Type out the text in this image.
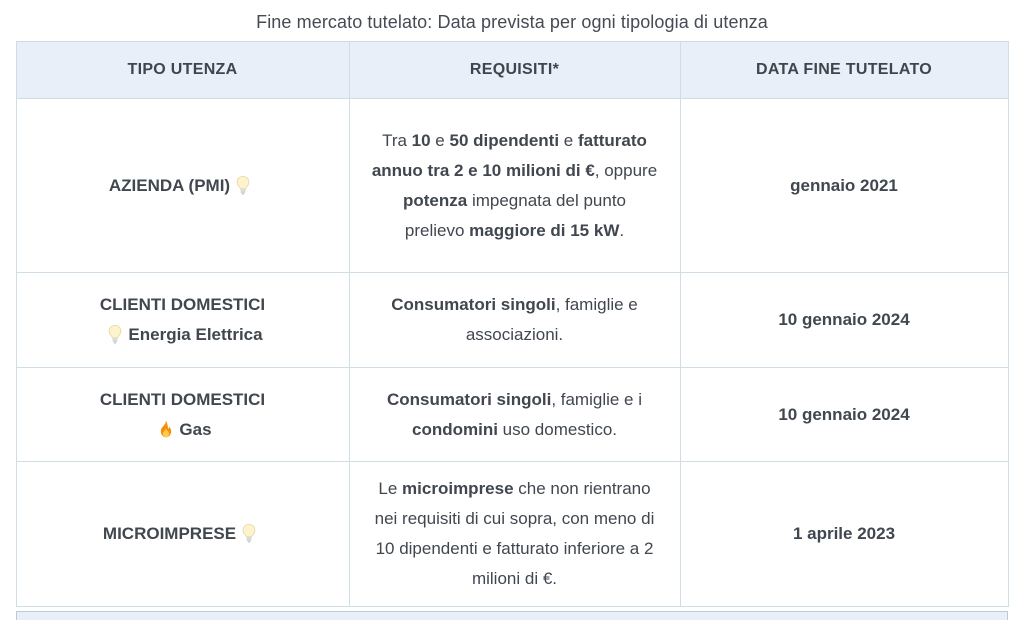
Fine mercato tutelato: Data prevista per ogni tipologia di utenza
TIPO UTENZA	REQUISITI*	DATA FINE TUTELATO

AZIENDA (PMI)	Tra 10 e 50 dipendenti e fatturato annuo tra 2 e 10 milioni di €, oppure potenza impegnata del punto prelievo maggiore di 15 kW.	gennaio 2021

CLIENTI DOMESTICI
Energia Elettrica	Consumatori singoli, famiglie e associazioni.	10 gennaio 2024

CLIENTI DOMESTICI
Gas	Consumatori singoli, famiglie e i condomini uso domestico.	10 gennaio 2024

MICROIMPRESE	Le microimprese che non rientrano nei requisiti di cui sopra, con meno di 10 dipendenti e fatturato inferiore a 2 milioni di €.	1 aprile 2023
